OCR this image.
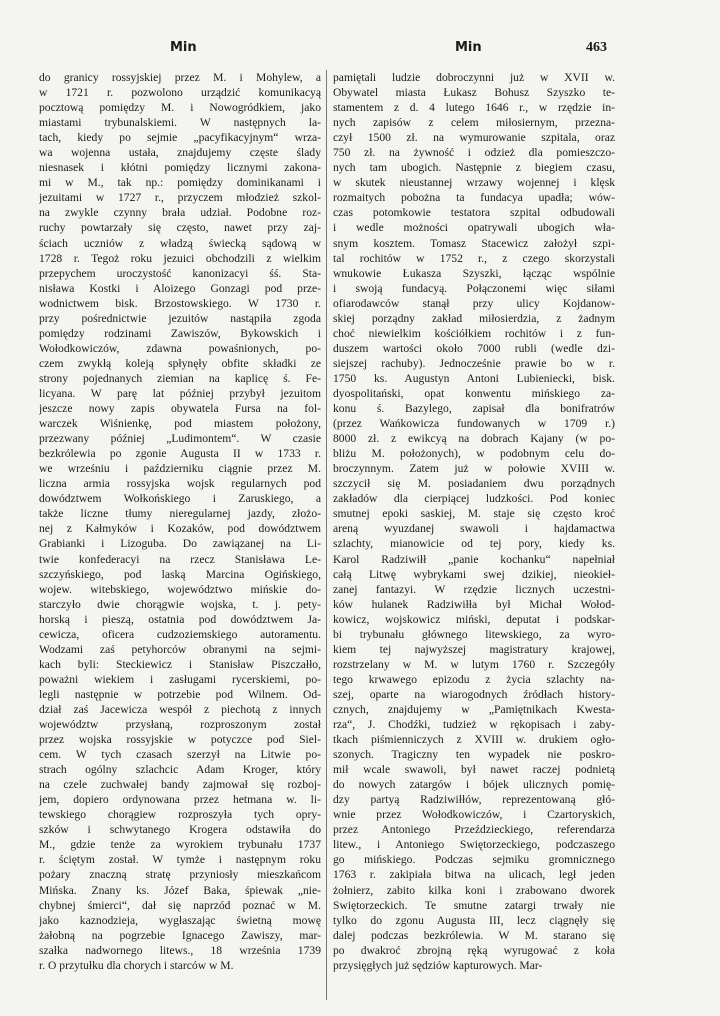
Min	Min	463
do granicy rossyjskiej przez M. i Mohylew, a
w 1721 r. pozwolono urządzić komunikacyą
pocztową pomiędzy M. i Nowogródkiem, jako
miastami trybunalskiemi. W następnych la-
tach, kiedy po sejmie „pacyfikacyjnym“ wrza-
wa wojenna ustała, znajdujemy częste ślady
niesnasek i kłótni pomiędzy licznymi zakona-
mi w M., tak np.: pomiędzy dominikanami i
jezuitami w 1727 r., przyczem młodzież szkol-
na zwykle czynny brała udział. Podobne roz-
ruchy powtarzały się często, nawet przy zaj-
ściach uczniów z władzą świecką sądową w
1728 r. Tegoż roku jezuici obchodzili z wielkim
przepychem uroczystość kanonizacyi śś. Sta-
nisława Kostki i Aloizego Gonzagi pod prze-
wodnictwem bisk. Brzostowskiego. W 1730 r.
przy pośrednictwie jezuitów nastąpiła zgoda
pomiędzy rodzinami Zawiszów, Bykowskich i
Wołodkowiczów, zdawna powaśnionych, po-
czem zwykłą koleją spłynęły obfite składki ze
strony pojednanych ziemian na kaplicę ś. Fe-
licyana. W parę lat później przybył jezuitom
jeszcze nowy zapis obywatela Fursa na fol-
warczek Wiśnienkę, pod miastem położony,
przezwany później „Ludimontem“. W czasie
bezkrólewia po zgonie Augusta II w 1733 r.
we wrześniu i październiku ciągnie przez M.
liczna armia rossyjska wojsk regularnych pod
dowództwem Wołkońskiego i Zaruskiego, a
także liczne tłumy nieregularnej jazdy, złożo-
nej z Kałmyków i Kozaków, pod dowództwem
Grabianki i Lizoguba. Do zawiązanej na Li-
twie konfederacyi na rzecz Stanisława Le-
szczyńskiego, pod laską Marcina Ogińskiego,
wojew. witebskiego, województwo mińskie do-
starczyło dwie chorągwie wojska, t. j. pety-
horską i pieszą, ostatnia pod dowództwem Ja-
cewicza, oficera cudzoziemskiego autoramentu.
Wodzami zaś petyhorców obranymi na sejmi-
kach byli: Steckiewicz i Stanisław Piszczałło,
poważni wiekiem i zasługami rycerskiemi, po-
legli następnie w potrzebie pod Wilnem. Od-
dział zaś Jacewicza wespół z piechotą z innych
województw przysłaną, rozproszonym został
przez wojska rossyjskie w potyczce pod Siel-
cem. W tych czasach szerzył na Litwie po-
strach ogólny szlachcic Adam Kroger, który
na czele zuchwałej bandy zajmował się rozboj-
jem, dopiero ordynowana przez hetmana w. li-
tewskiego chorągiew rozproszyła tych opry-
szków i schwytanego Krogera odstawiła do
M., gdzie tenże za wyrokiem trybunału 1737
r. ściętym został. W tymże i następnym roku
pożary znaczną stratę przyniosły mieszkańcom
Mińska. Znany ks. Józef Baka, śpiewak „nie-
chybnej śmierci“, dał się naprzód poznać w M.
jako kaznodzieja, wygłaszając świetną mowę
żałobną na pogrzebie Ignacego Zawiszy, mar-
szałka nadwornego litews., 18 września 1739
r. O przytułku dla chorych i starców w M.
pamiętali ludzie dobroczynni już w XVII w.
Obywatel miasta Łukasz Bohusz Szyszko te-
stamentem z d. 4 lutego 1646 r., w rzędzie in-
nych zapisów z celem miłosiernym, przezna-
czył 1500 zł. na wymurowanie szpitala, oraz
750 zł. na żywność i odzież dla pomieszczo-
nych tam ubogich. Następnie z biegiem czasu,
w skutek nieustannej wrzawy wojennej i klęsk
rozmaitych pobożna ta fundacya upadła; wów-
czas potomkowie testatora szpital odbudowali
i wedle możności opatrywali ubogich wła-
snym kosztem. Tomasz Stacewicz założył szpi-
tal rochitów w 1752 r., z czego skorzystali
wnukowie Łukasza Szyszki, łącząc wspólnie
i swoją fundacyą. Połączonemi więc siłami
ofiarodawców stanął przy ulicy Kojdanow-
skiej porządny zakład miłosierdzia, z żadnym
choć niewielkim kościółkiem rochitów i z fun-
duszem wartości około 7000 rubli (wedle dzi-
siejszej rachuby). Jednocześnie prawie bo w r.
1750 ks. Augustyn Antoni Lubieniecki, bisk.
dyospolitański, opat konwentu mińskiego za-
konu ś. Bazylego, zapisał dla bonifratrów
(przez Wańkowicza fundowanych w 1709 r.)
8000 zł. z ewikcyą na dobrach Kajany (w po-
bliżu M. położonych), w podobnym celu do-
broczynnym. Zatem już w połowie XVIII w.
szczycił się M. posiadaniem dwu porządnych
zakładów dla cierpiącej ludzkości. Pod koniec
smutnej epoki saskiej, M. staje się często kroć
areną wyuzdanej swawoli i hajdamactwa
szlachty, mianowicie od tej pory, kiedy ks.
Karol Radziwiłł „panie kochanku“ napełniał
całą Litwę wybrykami swej dzikiej, nieokieł-
zanej fantazyi. W rzędzie licznych uczestni-
ków hulanek Radziwiłła był Michał Wołod-
kowicz, wojskowicz miński, deputat i podskar-
bi trybunału głównego litewskiego, za wyro-
kiem tej najwyższej magistratury krajowej,
rozstrzelany w M. w lutym 1760 r. Szczegóły
tego krwawego epizodu z życia szlachty na-
szej, oparte na wiarogodnych źródłach history-
cznych, znajdujemy w „Pamiętnikach Kwesta-
rza“, J. Chodźki, tudzież w rękopisach i zaby-
tkach piśmienniczych z XVIII w. drukiem ogło-
szonych. Tragiczny ten wypadek nie poskro-
mił wcale swawoli, był nawet raczej podnietą
do nowych zatargów i bójek ulicznych pomię-
dzy partyą Radziwiłłów, reprezentowaną głó-
wnie przez Wołodkowiczów, i Czartoryskich,
przez Antoniego Przeździeckiego, referendarza
litew., i Antoniego Swiętorzeckiego, podczaszego
go mińskiego. Podczas sejmiku gromnicznego
1763 r. zakipiała bitwa na ulicach, legł jeden
żołnierz, zabito kilka koni i zrabowano dworek
Swiętorzeckich. Te smutne zatargi trwały nie
tylko do zgonu Augusta III, lecz ciągnęły się
dalej podczas bezkrólewia. W M. starano się
po dwakroć zbrojną ręką wyrugować z koła
przysięgłych już sędziów kapturowych. Mar-
